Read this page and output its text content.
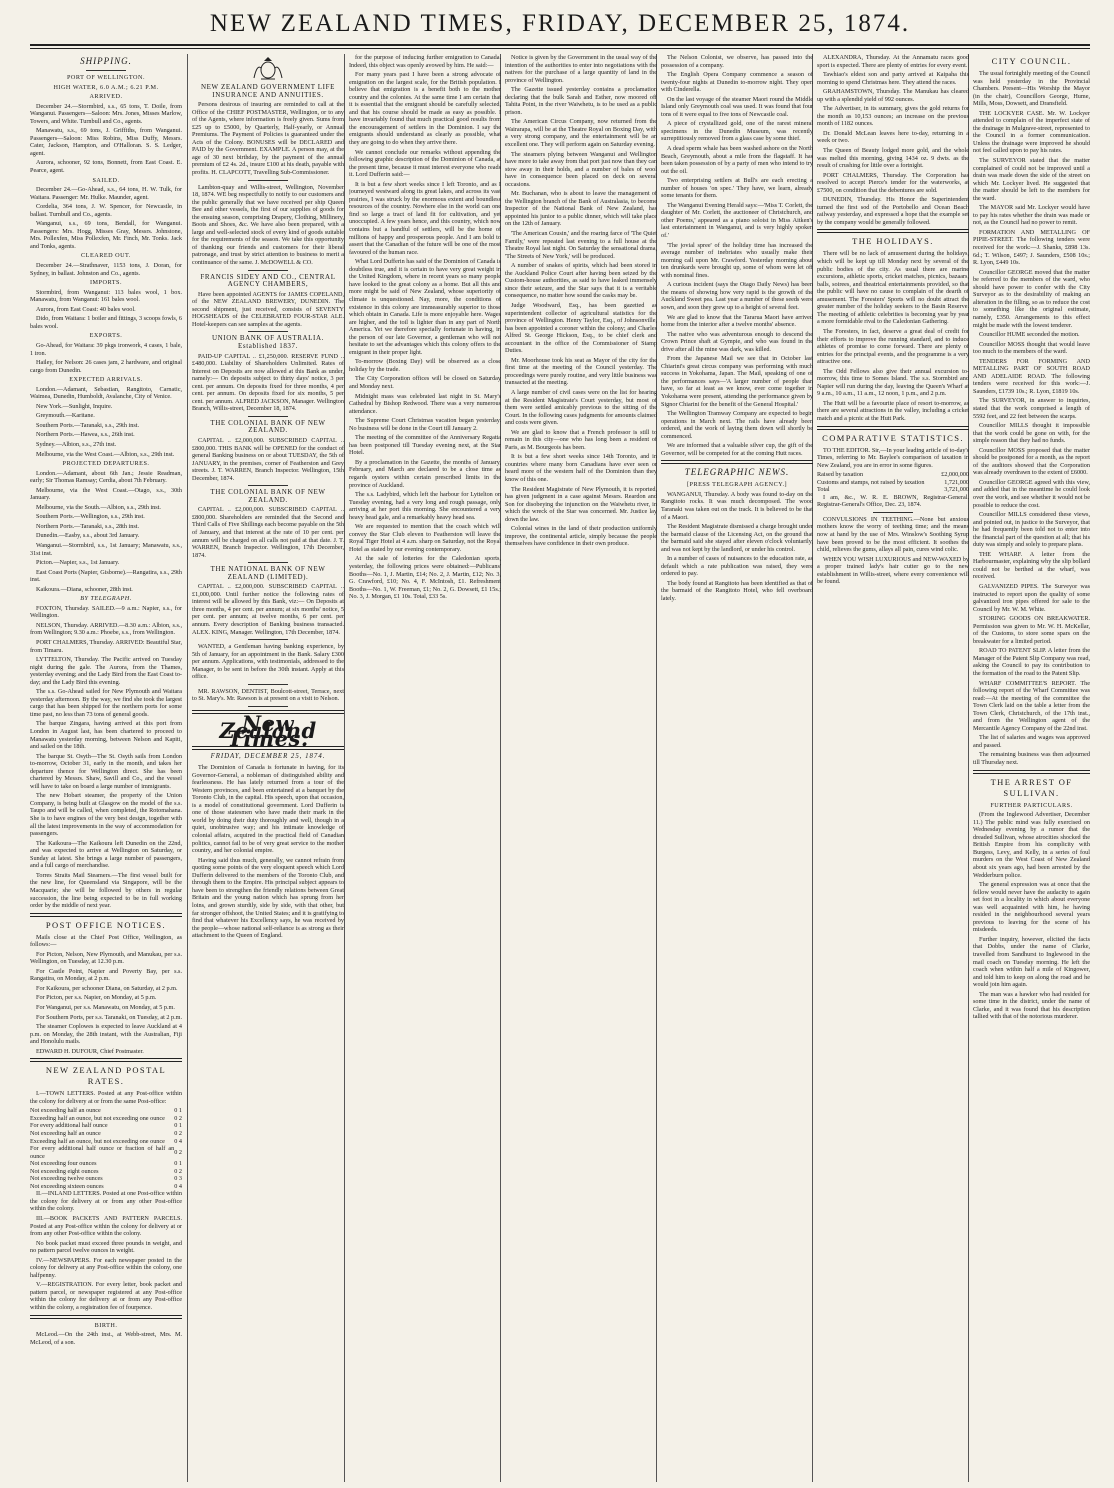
NEW ZEALAND TIMES, FRIDAY, DECEMBER 25, 1874.
SHIPPING.
PORT OF WELLINGTON.
HIGH WATER, 6.0 A.M.; 6.21 P.M.
ARRIVED.

December 24.—Stormbird, s.s., 65 tons, T. Doile, from Wanganui. Passengers—Saloon: Mrs. Jones, Misses Marlow, Towers, and White. Turnbull and Co., agents.

Manawatu, s.s., 69 tons, J. Griffiths, from Wanganui. Passengers—Saloon: Miss Robins, Miss Duffy, Messrs. Cater, Jackson, Hampton, and O'Halloran. S. S. Ledger, agent.

Aurora, schooner, 92 tons, Bonnett, from East Coast. E. Pearce, agent.

SAILED.

December 24.—Go-Ahead, s.s., 64 tons, H. W. Tulk, for Waitara. Passenger: Mr. Hulke. Maunder, agent.

Cordelia, 364 tons, J. W. Spencer, for Newcastle, in ballast. Turnbull and Co., agents.

Wanganui, s.s., 69 tons, Bendall, for Wanganui. Passengers: Mrs. Hogg, Misses Gray, Messrs. Johnstone, Mrs. Pollexfen, Miss Pollexfen, Mr. Finch, Mr. Tonks. Jack and Tonks, agents.

CLEARED OUT.

December 24.—Strathnaver, 1153 tons, J. Doran, for Sydney, in ballast. Johnston and Co., agents.

IMPORTS.

Stormbird, from Wanganui: 113 bales wool, 1 box. Manawatu, from Wanganui: 161 bales wool.

Aurora, from East Coast: 40 bales wool.

Dido, from Waitara: 1 boiler and fittings, 3 scoops fowls, 6 bales wool.

EXPORTS.

Go-Ahead, for Waitara: 39 pkgs ironwork, 4 cases, 1 bale, 1 iron.

Hailey, for Nelson: 26 cases jam, 2 hardware, and original cargo from Dunedin.

EXPECTED ARRIVALS.

London.—Adamant, Sebastian, Rangitoto, Carnatic, Waimea, Dunedin, Humboldt, Avalanche, City of Venice.

New York.—Sunlight, Inquire.

Greymouth.—Karitane.

Southern Ports.—Taranaki, s.s., 29th inst.

Northern Ports.—Hawea, s.s., 26th inst.

Sydney.—Albion, s.s., 27th inst.

Melbourne, via the West Coast.—Albion, s.s., 29th inst.

PROJECTED DEPARTURES.

London.—Adamant, about 6th Jan.; Jessie Readman, early; Sir Thomas Ramsay; Cerdia, about 7th February.

Melbourne, via the West Coast.—Otago, s.s., 30th January.

Melbourne, via the South.—Albion, s.s., 29th inst.

Southern Ports.—Wellington, s.s., 29th inst.

Northern Ports.—Taranaki, s.s., 28th inst.

Dunedin.—Easby, s.s., about 3rd January.

Wanganui.—Stormbird, s.s., 1st January; Manawatu, s.s., 31st inst.

Picton.—Napier, s.s., 1st January.

East Coast Ports (Napier, Gisborne).—Rangatira, s.s., 29th inst.

Kaikoura.—Diana, schooner, 28th inst.

BY TELEGRAPH.

FOXTON, Thursday. SAILED.—9 a.m.: Napier, s.s., for Wellington.

NELSON, Thursday. ARRIVED.—8.30 a.m.: Albion, s.s., from Wellington; 9.30 a.m.: Phoebe, s.s., from Wellington.

PORT CHALMERS, Thursday. ARRIVED: Beautiful Star, from Timaru.

LYTTELTON, Thursday. The Pacific arrived on Tuesday night during the gale. The Aurora, from the Thames, yesterday evening; and the Lady Bird from the East Coast to-day; and the Lady Bird this evening.

The s.s. Go-Ahead sailed for New Plymouth and Waitara yesterday afternoon. By the way, we find she took the largest cargo that has been shipped for the northern ports for some time past, no less than 73 tons of general goods.

The barque Zingara, having arrived at this port from London in August last, has been chartered to proceed to Manawatu yesterday morning, between Nelson and Kapiti, and sailed on the 18th.

The barque St. Osyth—The St. Osyth sails from London to-morrow, October 31, early in the month, and takes her departure thence for Wellington direct. She has been chartered by Messrs. Shaw, Savill and Co., and the vessel will have to take on board a large number of immigrants.

The new Hobart steamer, the property of the Union Company, is being built at Glasgow on the model of the s.s. Taupo and will be called, when completed, the Rotomahana. She is to have engines of the very best design, together with all the latest improvements in the way of accommodation for passengers.

The Kaikoura—The Kaikoura left Dunedin on the 22nd, and was expected to arrive at Wellington on Saturday, or Sunday at latest. She brings a large number of passengers, and a full cargo of merchandise.

Torres Straits Mail Steamers.—The first vessel built for the new line, for Queensland via Singapore, will be the Macquarie; she will be followed by others in regular succession, the line being expected to be in full working order by the middle of next year.

POST OFFICE NOTICES.

Mails close at the Chief Post Office, Wellington, as follows:—

For Picton, Nelson, New Plymouth, and Manukau, per s.s. Wellington, on Tuesday, at 12.30 p.m.

For Castle Point, Napier and Poverty Bay, per s.s. Rangatira, on Monday, at 2 p.m.

For Kaikoura, per schooner Diana, on Saturday, at 2 p.m.

For Picton, per s.s. Napier, on Monday, at 5 p.m.

For Wanganui, per s.s. Manawatu, on Monday, at 5 p.m.

For Southern Ports, per s.s. Taranaki, on Tuesday, at 2 p.m.

The steamer Coplowes is expected to leave Auckland at 4 p.m. on Monday, the 28th instant, with the Australian, Fiji and Honolulu mails.

EDWARD H. DUFOUR, Chief Postmaster.

NEW ZEALAND POSTAL RATES.

I.—TOWN LETTERS. Posted at any Post-office within the colony for delivery at or from the same Post-office:

Not exceeding half an ounce	0 1
Exceeding half an ounce, but not exceeding one ounce	0 2
For every additional half ounce	0 1
Not exceeding half an ounce	0 2
Exceeding half an ounce, but not exceeding one ounce	0 4
For every additional half ounce or fraction of half an ounce	0 2
Not exceeding four ounces	0 1
Not exceeding eight ounces	0 2
Not exceeding twelve ounces	0 3
Not exceeding sixteen ounces	0 4

II.—INLAND LETTERS. Posted at one Post-office within the colony for delivery at or from any other Post-office within the colony.

III.—BOOK PACKETS AND PATTERN PARCELS. Posted at any Post-office within the colony for delivery at or from any other Post-office within the colony.

No book packet must exceed three pounds in weight, and no pattern parcel twelve ounces in weight.

IV.—NEWSPAPERS. For each newspaper posted in the colony for delivery at any Post-office within the colony, one halfpenny.

V.—REGISTRATION. For every letter, book packet and pattern parcel, or newspaper registered at any Post-office within the colony for delivery at or from any Post-office within the colony, a registration fee of fourpence.

BIRTH.

McLeod.—On the 24th inst., at Webb-street, Mrs. M. McLeod, of a son.

NEW ZEALAND GOVERNMENT LIFE INSURANCE AND ANNUITIES.

Persons desirous of insuring are reminded to call at the Office of the CHIEF POSTMASTER, Wellington, or to any of the Agents, where information is freely given. Sums from £25 up to £5000, by Quarterly, Half-yearly, or Annual Premiums. The Payment of Policies is guaranteed under the Acts of the Colony. BONUSES will be DECLARED and PAID by the Government. EXAMPLE. A person may, at the age of 30 next birthday, by the payment of the annual premium of £2 4s. 2d., insure £100 at his death, payable with profits. H. CLAPCOTT, Travelling Sub-Commissioner.

Lambton-quay and Willis-street, Wellington, November 18, 1874. WE beg respectfully to notify to our customers and the public generally that we have received per ship Queen Bee and other vessels, the first of our supplies of goods for the ensuing season, comprising Drapery, Clothing, Millinery, Boots and Shoes, &c. We have also been prepared, with a large and well-selected stock of every kind of goods suitable for the requirements of the season. We take this opportunity of thanking our friends and customers for their liberal patronage, and trust by strict attention to business to merit a continuance of the same. J. McDOWELL & CO.

FRANCIS SIDEY AND CO., CENTRAL AGENCY CHAMBERS,

Have been appointed AGENTS for JAMES COPELAND, of the NEW ZEALAND BREWERY, DUNEDIN. The second shipment, just received, consists of SEVENTY HOGSHEADS of the CELEBRATED FOUR-STAR ALE. Hotel-keepers can see samples at the agents.

UNION BANK OF AUSTRALIA. Established 1837.

PAID-UP CAPITAL .. £1,250,000. RESERVE FUND .. £480,000. Liability of Shareholders Unlimited. Rates of Interest on Deposits are now allowed at this Bank as under, namely:— On deposits subject to thirty days' notice, 3 per cent. per annum. On deposits fixed for three months, 4 per cent. per annum. On deposits fixed for six months, 5 per cent. per annum. ALFRED JACKSON, Manager. Wellington Branch, Willis-street, December 18, 1874.

THE COLONIAL BANK OF NEW ZEALAND.

CAPITAL .. £2,000,000. SUBSCRIBED CAPITAL .. £800,000. THIS BANK will be OPENED for the conduct of general Banking business on or about TUESDAY, the 5th of JANUARY, in the premises, corner of Featherston and Grey streets. J. T. WARREN, Branch Inspector. Wellington, 15th December, 1874.

THE COLONIAL BANK OF NEW ZEALAND.

CAPITAL .. £2,000,000. SUBSCRIBED CAPITAL .. £800,000. Shareholders are reminded that the Second and Third Calls of Five Shillings each become payable on the 5th of January, and that interest at the rate of 10 per cent. per annum will be charged on all calls not paid at that date. J. T. WARREN, Branch Inspector. Wellington, 17th December, 1874.

THE NATIONAL BANK OF NEW ZEALAND (LIMITED).

CAPITAL .. £2,000,000. SUBSCRIBED CAPITAL .. £1,000,000. Until further notice the following rates of interest will be allowed by this Bank, viz:— On Deposits at three months, 4 per cent. per annum; at six months' notice, 5 per cent. per annum; at twelve months, 6 per cent. per annum. Every description of Banking business transacted. ALEX. KING, Manager. Wellington, 17th December, 1874.

WANTED, a Gentleman having banking experience, by 5th of January, for an appointment in the Bank. Salary £300 per annum. Applications, with testimonials, addressed to the Manager, to be sent in before the 30th instant. Apply at this office.

MR. RAWSON, DENTIST, Boulcott-street, Terrace, next to St. Mary's. Mr. Rawson is at present on a visit to Nelson.

New Zealand Times.
FRIDAY, DECEMBER 25, 1874.

The Dominion of Canada is fortunate in having, for its Governor-General, a nobleman of distinguished ability and fearlessness. He has lately returned from a tour of the Western provinces, and been entertained at a banquet by the Toronto Club, in the capital. His speech, upon that occasion, is a model of constitutional government. Lord Dufferin is one of those statesmen who have made their mark in the world by doing their duty thoroughly and well, though in a quiet, unobtrusive way; and his intimate knowledge of colonial affairs, acquired in the practical field of Canadian politics, cannot fail to be of very great service to the mother country, and her colonial empire.

Having said thus much, generally, we cannot refrain from quoting some points of the very eloquent speech which Lord Dufferin delivered to the members of the Toronto Club, and through them to the Empire. His principal subject appears to have been to strengthen the friendly relations between Great Britain and the young nation which has sprung from her loins, and grown sturdily, side by side, with that other, but far stronger offshoot, the United States; and it is gratifying to find that whatever his Excellency says, he was received by the people—whose national self-reliance is as strong as their attachment to the Queen of England.

for the purpose of inducing further emigration to Canada. Indeed, this object was openly avowed by him. He said:—

For many years past I have been a strong advocate of emigration on the largest scale, for the British population. I believe that emigration is a benefit both to the mother country and the colonies. At the same time I am certain that it is essential that the emigrant should be carefully selected, and that his course should be made as easy as possible. I have invariably found that much practical good results from the encouragement of settlers in the Dominion. I say the emigrants should understand as clearly as possible, what they are going to do when they arrive there.

We cannot conclude our remarks without appending the following graphic description of the Dominion of Canada, at the present time, because it must interest everyone who reads it. Lord Dufferin said:—

It is but a few short weeks since I left Toronto, and as I journeyed westward along its great lakes, and across its vast prairies, I was struck by the enormous extent and boundless resources of the country. Nowhere else in the world can one find so large a tract of land fit for cultivation, and yet unoccupied. A few years hence, and this country, which now contains but a handful of settlers, will be the home of millions of happy and prosperous people. And I am bold to assert that the Canadian of the future will be one of the most favoured of the human race.

What Lord Dufferin has said of the Dominion of Canada is doubtless true, and it is certain to have very great weight in the United Kingdom, where in recent years so many people have looked to the great colony as a home. But all this and more might be said of New Zealand, whose superiority of climate is unquestioned. Nay, more, the conditions of existence in this colony are immeasurably superior to those which obtain in Canada. Life is more enjoyable here. Wages are higher, and the toil is lighter than in any part of North America. Yet we therefore specially fortunate in having, in the person of our late Governor, a gentleman who will not hesitate to set the advantages which this colony offers to the emigrant in their proper light.

To-morrow (Boxing Day) will be observed as a close holiday by the trade.

The City Corporation offices will be closed on Saturday and Monday next.

Midnight mass was celebrated last night in St. Mary's Cathedral by Bishop Redwood. There was a very numerous attendance.

The Supreme Court Christmas vacation began yesterday. No business will be done in the Court till January 2.

The meeting of the committee of the Anniversary Regatta has been postponed till Tuesday evening next, at the Star Hotel.

By a proclamation in the Gazette, the months of January, February, and March are declared to be a close time as regards oysters within certain prescribed limits in the province of Auckland.

The s.s. Ladybird, which left the harbour for Lyttelton on Tuesday evening, had a very long and rough passage, only arriving at her port this morning. She encountered a very heavy head gale, and a remarkably heavy head sea.

We are requested to mention that the coach which will convey the Star Club eleven to Featherston will leave the Royal Tiger Hotel at 4 a.m. sharp on Saturday, not the Royal Hotel as stated by our evening contemporary.

At the sale of lotteries for the Caledonian sports, yesterday, the following prices were obtained:—Publicans' Booths—No. 1, J. Martin, £14; No. 2, J. Martin, £12; No. 3, G. Crawford, £10; No. 4, F. McIntosh, £1. Refreshment Booths—No. 1, W. Freeman, £1; No. 2, G. Dowsett, £1 15s.; No. 3, J. Morgan, £1 10s. Total, £33 5s.

Notice is given by the Government in the usual way of the intention of the authorities to enter into negotiations with the natives for the purchase of a large quantity of land in the province of Wellington.

The Gazette issued yesterday contains a proclamation declaring that the bulk Sarah and Esther, now moored off Tahita Point, in the river Waiwhetu, is to be used as a public prison.

The American Circus Company, now returned from the Wairarapa, will be at the Theatre Royal on Boxing Day, with a very strong company, and the entertainment will be an excellent one. They will perform again on Saturday evening.

The steamers plying between Wanganui and Wellington have more to take away from that port just now than they can stow away in their holds, and a number of bales of wool have in consequence been placed on deck on several occasions.

Mr. Buchanan, who is about to leave the management of the Wellington branch of the Bank of Australasia, to become Inspector of the National Bank of New Zealand, has appointed his junior to a public dinner, which will take place on the 12th of January.

'The American Cousin,' and the roaring farce of 'The Quiet Family,' were repeated last evening to a full house at the Theatre Royal last night. On Saturday the sensational drama, 'The Streets of New York,' will be produced.

A number of snakes of spirits, which had been stored in the Auckland Police Court after having been seized by the Custom-house authorities, as said to have leaked immensely since their seizure, and the Star says that it is a veritable consequence, no matter how sound the casks may be.

Judge Woodward, Esq., has been gazetted as superintendent collector of agricultural statistics for the province of Wellington. Henry Taylor, Esq., of Johnsonville, has been appointed a coroner within the colony; and Charles Alfred St. George Hickson, Esq., to be chief clerk and accountant in the office of the Commissioner of Stamp Duties.

Mr. Moorhouse took his seat as Mayor of the city for the first time at the meeting of the Council yesterday. The proceedings were purely routine, and very little business was transacted at the meeting.

A large number of civil cases were on the list for hearing at the Resident Magistrate's Court yesterday, but most of them were settled amicably previous to the sitting of the Court. In the following cases judgments for amounts claimed and costs were given.

We are glad to know that a French professor is still to remain in this city—one who has long been a resident of Paris, as M. Bourgeois has been.

It is but a few short weeks since 14th Toronto, and in countries where many born Canadians have ever seen or heard more of the western half of the Dominion than they know of this one.

The Resident Magistrate of New Plymouth, it is reported, has given judgment in a case against Messrs. Reardon and Son for disobeying the injunction on the Waiwhetu river, in which the wreck of the Star was concerned. Mr. Justice lay down the law.

Colonial wines in the land of their production uniformly improve, the continental article, simply because the people themselves have confidence in their own produce.

The Nelson Colonist, we observe, has passed into the possession of a company.

The English Opera Company commence a season of twenty-four nights at Dunedin to-morrow night. They open with Cinderella.

On the last voyage of the steamer Maori round the Middle Island only Greymouth coal was used. It was found that four tons of it were equal to five tons of Newcastle coal.

A piece of crystallized gold, one of the rarest mineral specimens in the Dunedin Museum, was recently surreptitiously removed from a glass case by some thief.

A dead sperm whale has been washed ashore on the North Beach, Greymouth, about a mile from the flagstaff. It has been taken possession of by a party of men who intend to try out the oil.

Two enterprising settlers at Bull's are each erecting a number of houses 'on spec.' They have, we learn, already some tenants for them.

The Wanganui Evening Herald says:—'Miss T. Corlett, the daughter of Mr. Corlett, the auctioneer of Christchurch, and other Poems,' appeared as a piano soloist in Miss Aitken's last entertainment in Wanganui, and is very highly spoken of.'

'The jovial spree' of the holiday time has increased the average number of inebriates who usually make their morning call upon Mr. Crawford. Yesterday morning about ten drunkards were brought up, some of whom were let off with nominal fines.

A curious incident (says the Otago Daily News) has been the means of showing how very rapid is the growth of the Auckland Sweet pea. Last year a number of these seeds were sown, and soon they grew up to a height of several feet.

We are glad to know that the Tararua Maori have arrived home from the interior after a twelve months' absence.

The native who was adventurous enough to descend the Crown Prince shaft at Gympie, and who was found in the drive after all the mine was dark, was killed.

From the Japanese Mail we see that in October last Chiarini's great circus company was performing with much success in Yokohama, Japan. The Mail, speaking of one of the performances says—'A larger number of people than have, so far at least as we know, ever come together in Yokohama were present, attending the performance given by Signor Chiarini for the benefit of the General Hospital.'

The Wellington Tramway Company are expected to begin operations in March next. The rails have already been ordered, and the work of laying them down will shortly be commenced.

We are informed that a valuable silver cup, the gift of the Governor, will be competed for at the coming Hutt races.

TELEGRAPHIC NEWS.
[PRESS TELEGRAPH AGENCY.]

WANGANUI, Thursday. A body was found to-day on the Rangitoto rocks. It was much decomposed. The wood Taranaki was taken out on the track. It is believed to be that of a Maori.

The Resident Magistrate dismissed a charge brought under the barmaid clause of the Licensing Act, on the ground that the barmaid said she stayed after eleven o'clock voluntarily, and was not kept by the landlord, or under his control.

In a number of cases of nuisances to the education rate, as default which a rate publication was raised, they were ordered to pay.

The body found at Rangitoto has been identified as that of the barmaid of the Rangitoto Hotel, who fell overboard lately.

ALEXANDRA, Thursday. At the Annamatu races good sport is expected. There are plenty of entries for every event.

Tawhiao's eldest son and party arrived at Kaipaha this morning to spend Christmas here. They attend the races.

GRAHAMSTOWN, Thursday. The Manukau has cleared up with a splendid yield of 992 ounces.

The Advertiser, in its summary, gives the gold returns for the month as 10,153 ounces; an increase on the previous month of 1182 ounces.

Dr. Donald McLean leaves here to-day, returning in a week or two.

The Queen of Beauty lodged more gold, and the whole was melted this morning, giving 1434 oz. 9 dwts. as the result of crushing for little over a fortnight.

PORT CHALMERS, Thursday. The Corporation has resolved to accept Pierce's tender for the waterworks, at £7500, on condition that the debentures are sold.

DUNEDIN, Thursday. His Honor the Superintendent turned the first sod of the Portobello and Ocean Beach railway yesterday, and expressed a hope that the example set by the company would be generally followed.

THE HOLIDAYS.

There will be no lack of amusement during the holidays, which will be kept up till Monday next by several of the public bodies of the city. As usual there are marine excursions, athletic sports, cricket matches, picnics, bazaars, balls, soirees, and theatrical entertainments provided, so that the public will have no cause to complain of the dearth of amusement. The Foresters' Sports will no doubt attract the greater number of the holiday seekers to the Basin Reserve. The meeting of athletic celebrities is becoming year by year a more formidable rival to the Caledonian Gathering.

The Foresters, in fact, deserve a great deal of credit for their efforts to improve the running standard, and to induce athletes of promise to come forward. There are plenty of entries for the principal events, and the programme is a very attractive one.

The Odd Fellows also give their annual excursion to-morrow, this time to Somes Island. The s.s. Stormbird and Napier will run during the day, leaving the Queen's Wharf at 9 a.m., 10 a.m., 11 a.m., 12 noon, 1 p.m., and 2 p.m.

The Hutt will be a favourite place of resort to-morrow, as there are several attractions in the valley, including a cricket match and a picnic at the Hutt Park.

COMPARATIVE STATISTICS.

TO THE EDITOR. Sir,—In your leading article of to-day's Times, referring to Mr. Baylee's comparison of taxation in New Zealand, you are in error in some figures.

Raised by taxation	£2,000,000
Customs and stamps, not raised by taxation	1,721,000
Total	3,721,000

I am, &c., W. R. E. BROWN, Registrar-General. Registrar-General's Office, Dec. 23, 1874.

CONVULSIONS IN TEETHING.—None but anxious mothers know the worry of teething time; and the means now at hand by the use of Mrs. Winslow's Soothing Syrup have been proved to be the most efficient. It soothes the child, relieves the gums, allays all pain, cures wind colic.

WHEN YOU WISH LUXURIOUS and NEW-WAXED by a proper trained lady's hair cutter go to the new establishment in Willis-street, where every convenience will be found.

CITY COUNCIL.

The usual fortnightly meeting of the Council was held yesterday in the Provincial Chambers. Present—His Worship the Mayor (in the chair), Councillors George, Hume, Mills, Moss, Dowsett, and Dransfield.

THE LOCKYER CASE. Mr. W. Lockyer attended to complain of the imperfect state of the drainage in Mulgrave-street, represented to the Council in a former communication. Unless the drainage were improved he should not feel called upon to pay his rates.

The SURVEYOR stated that the matter complained of could not be improved until a drain was made down the side of the street on which Mr. Lockyer lived. He suggested that the matter should be left to the members for the ward.

The MAYOR said Mr. Lockyer would have to pay his rates whether the drain was made or not, as the Council had no power to remit.

FORMATION AND METALLING OF PIPIE-STREET. The following tenders were received for the work:—J. Shanks, £898 13s. 6d.; T. Wilson, £497; J. Saunders, £508 10s.; R. Lyon, £449 10s.

Councillor GEORGE moved that the matter be referred to the members of the ward, who should have power to confer with the City Surveyor as to the desirability of making an alteration in the filling, so as to reduce the cost to something like the original estimate, namely, £350. Arrangements to this effect might be made with the lowest tenderer.

Councillor HUME seconded the motion.

Councillor MOSS thought that would leave too much to the members of the ward.

TENDERS FOR FORMING AND METALLING PART OF SOUTH ROAD AND ADELAIDE ROAD. The following tenders were received for this work:—J. Saunders, £1739 10s.; R. Lyon, £1819 10s.

The SURVEYOR, in answer to inquiries, stated that the work comprised a length of 5592 feet, and 22 feet between the scarps.

Councillor MILLS thought it impossible that the work could be gone on with, for the simple reason that they had no funds.

Councillor MOSS proposed that the matter should be postponed for a month, as the report of the auditors showed that the Corporation was already overdrawn to the extent of £6000.

Councillor GEORGE agreed with this view, and added that in the meantime he could look over the work, and see whether it would not be possible to reduce the cost.

Councillor MILLS considered these views, and pointed out, in justice to the Surveyor, that he had frequently been told not to enter into the financial part of the question at all; that his duty was simply and solely to prepare plans.

THE WHARF. A letter from the Harbourmaster, explaining why the slip bollard could not be berthed at the wharf, was received.

GALVANIZED PIPES. The Surveyor was instructed to report upon the quality of some galvanized iron pipes offered for sale to the Council by Mr. W. M. White.

STORING GOODS ON BREAKWATER. Permission was given to Mr. W. H. McKellar, of the Customs, to store some spars on the breakwater for a limited period.

ROAD TO PATENT SLIP. A letter from the Manager of the Patent Slip Company was read, asking the Council to pay its contribution to the formation of the road to the Patent Slip.

WHARF COMMITTEE'S REPORT. The following report of the Wharf Committee was read:—At the meeting of the committee the Town Clerk laid on the table a letter from the Town Clerk, Christchurch, of the 17th inst., and from the Wellington agent of the Mercantile Agency Company of the 22nd inst.

The list of salaries and wages was approved and passed.

The remaining business was then adjourned till Thursday next.

THE ARREST OF SULLIVAN.
FURTHER PARTICULARS.

(From the Inglewood Advertiser, December 11.) The public mind was fully exercised on Wednesday evening by a rumor that the dreaded Sullivan, whose atrocities shocked the British Empire from his complicity with Burgess, Levy, and Kelly, in a series of foul murders on the West Coast of New Zealand about six years ago, had been arrested by the Wedderburn police.

The general expression was at once that the fellow would never have the audacity to again set foot in a locality in which about everyone was well acquainted with him, he having resided in the neighbourhood several years previous to leaving for the scene of his misdeeds.

Further inquiry, however, elicited the facts that Dobbs, under the name of Clarke, travelled from Sandhurst to Inglewood in the mail coach on Tuesday morning. He left the coach when within half a mile of Kingower, and told him to keep on along the road and he would join him again.

The man was a hawker who had resided for some time in the district, under the name of Clarke, and it was found that his description tallied with that of the notorious murderer.
